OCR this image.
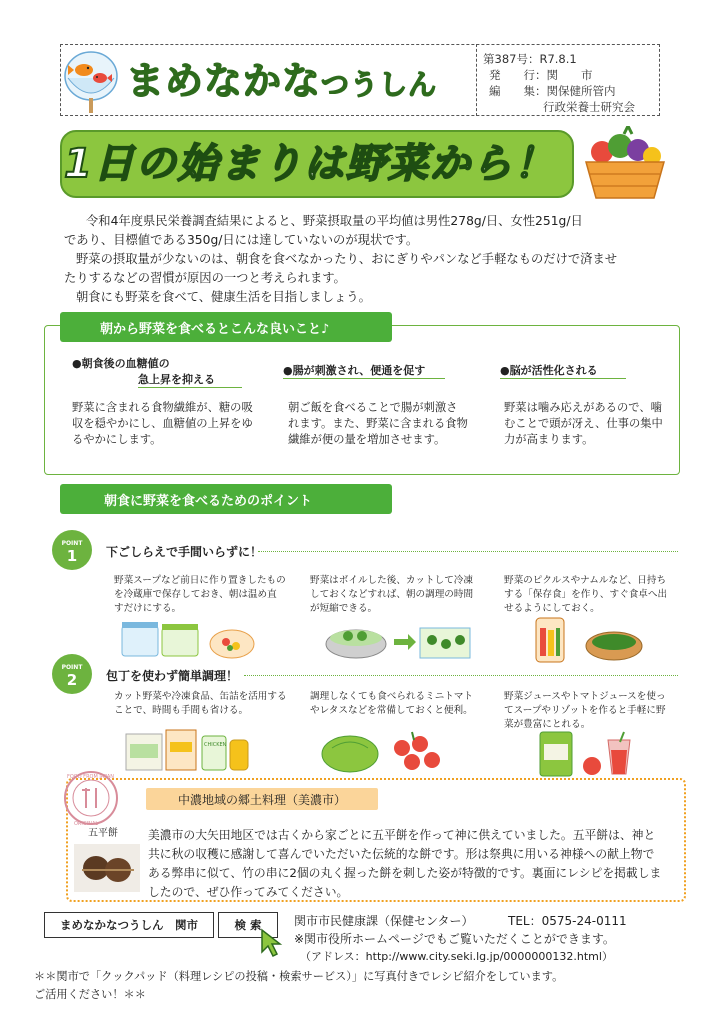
まめなかなつうしん
第387号：R7.8.1
発　　行：関　　市
編　　集：関保健所管内
行政栄養士研究会
1日の始まりは野菜から！
令和4年度県民栄養調査結果によると、野菜摂取量の平均値は男性278g/日、女性251g/日
であり、目標値である350g/日には達していないのが現状です。
野菜の摂取量が少ないのは、朝食を食べなかったり、おにぎりやパンなど手軽なものだけで済ませ
たりするなどの習慣が原因の一つと考えられます。
朝食にも野菜を食べて、健康生活を目指しましょう。
朝から野菜を食べるとこんな良いこと♪
●朝食後の血糖値の
急上昇を抑える
野菜に含まれる食物繊維が、糖の吸収を穏やかにし、血糖値の上昇をゆるやかにします。
●腸が刺激され、便通を促す
朝ご飯を食べることで腸が刺激されます。また、野菜に含まれる食物繊維が便の量を増加させます。
●脳が活性化される
野菜は噛み応えがあるので、噛むことで頭が冴え、仕事の集中力が高まります。
朝食に野菜を食べるためのポイント
POINT
1 下ごしらえで手間いらずに！
野菜スープなど前日に作り置きしたものを冷蔵庫で保存しておき、朝は温め直すだけにする。
野菜はボイルした後、カットして冷凍しておくなどすれば、朝の調理の時間が短縮できる。
野菜のピクルスやナムルなど、日持ちする「保存食」を作り、すぐ食卓へ出せるようにしておく。
POINT
2 包丁を使わず簡単調理！
カット野菜や冷凍食品、缶詰を活用することで、時間も手間も省ける。
調理しなくても食べられるミニトマトやレタスなどを常備しておくと便利。
野菜ジュースやトマトジュースを使ってスープやリゾットを作ると手軽に野菜が豊富にとれる。
CHICKEN
FOOD FROM JAPAN
ORIGINAL
中濃地域の郷土料理（美濃市）
五平餅	美濃市の大矢田地区では古くから家ごとに五平餅を作って神に供えていました。五平餅は、神と共に秋の収穫に感謝して喜んでいただいた伝統的な餅です。形は祭典に用いる神様への献上物である弊串に似て、竹の串に2個の丸く握った餅を刺した姿が特徴的です。裏面にレシピを掲載しましたので、ぜひ作ってみてください。
まめなかなつうしん　関市	検 索	関市市民健康課（保健センター）	TEL：0575-24-0111
※関市役所ホームページでもご覧いただくことができます。
（アドレス：http://www.city.seki.lg.jp/0000000132.html）
＊＊関市で「クックパッド（料理レシピの投稿・検索サービス）」に写真付きでレシピ紹介をしています。
ご活用ください！＊＊
